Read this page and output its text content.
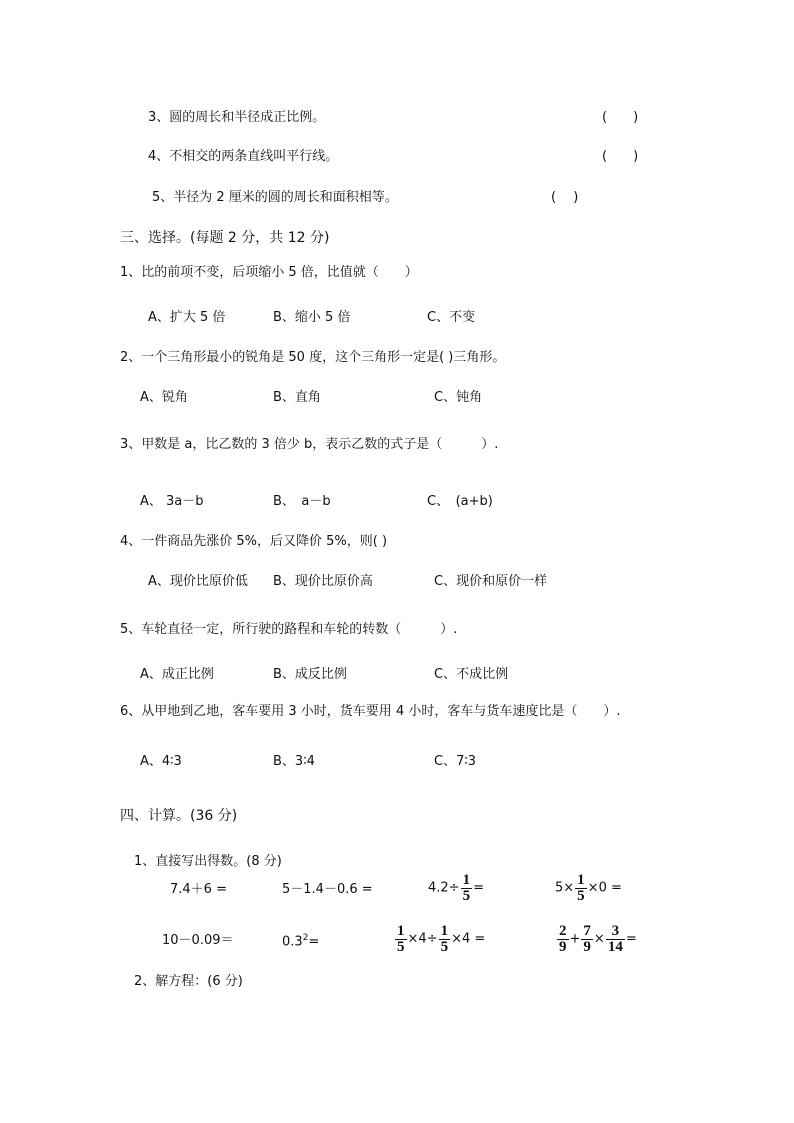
3、圆的周长和半径成正比例。	(　　)
4、不相交的两条直线叫平行线。	(　　)
5、半径为 2 厘米的圆的周长和面积相等。	(　 )
三、选择。(每题 2 分，共 12 分)
1、比的前项不变，后项缩小 5 倍，比值就（　　）
A、扩大 5 倍	B、缩小 5 倍	C、不变
2、一个三角形最小的锐角是 50 度，这个三角形一定是( )三角形。
A、锐角	B、直角	C、钝角
3、甲数是 a，比乙数的 3 倍少 b，表示乙数的式子是（　　　）.
A、 3a－b	B、　a－b	C、　(a+b)
4、一件商品先涨价 5%，后又降价 5%，则( )
A、现价比原价低 B、现价比原价高	C、现价和原价一样
5、车轮直径一定，所行驶的路程和车轮的转数（　　　）.
A、成正比例	B、成反比例	C、不成比例
6、从甲地到乙地，客车要用 3 小时，货车要用 4 小时，客车与货车速度比是（　　）.
A、4∶3	B、3∶4	C、7∶3
四、计算。(36 分)
1、直接写出得数。(8 分)
7.4＋6 =	5－1.4－0.6 =	$4.2\div \frac{1}{5}$ =	$5\times \frac{1}{5} \times 0$ =
10－0.09＝	$0.3^2=$	$\frac{1}{5} \times 4\div \frac{1}{5} \times 4$ =	$\frac{2}{9} + \frac{7}{9} \times \frac{3}{14}$ =
2、解方程：(6 分)
